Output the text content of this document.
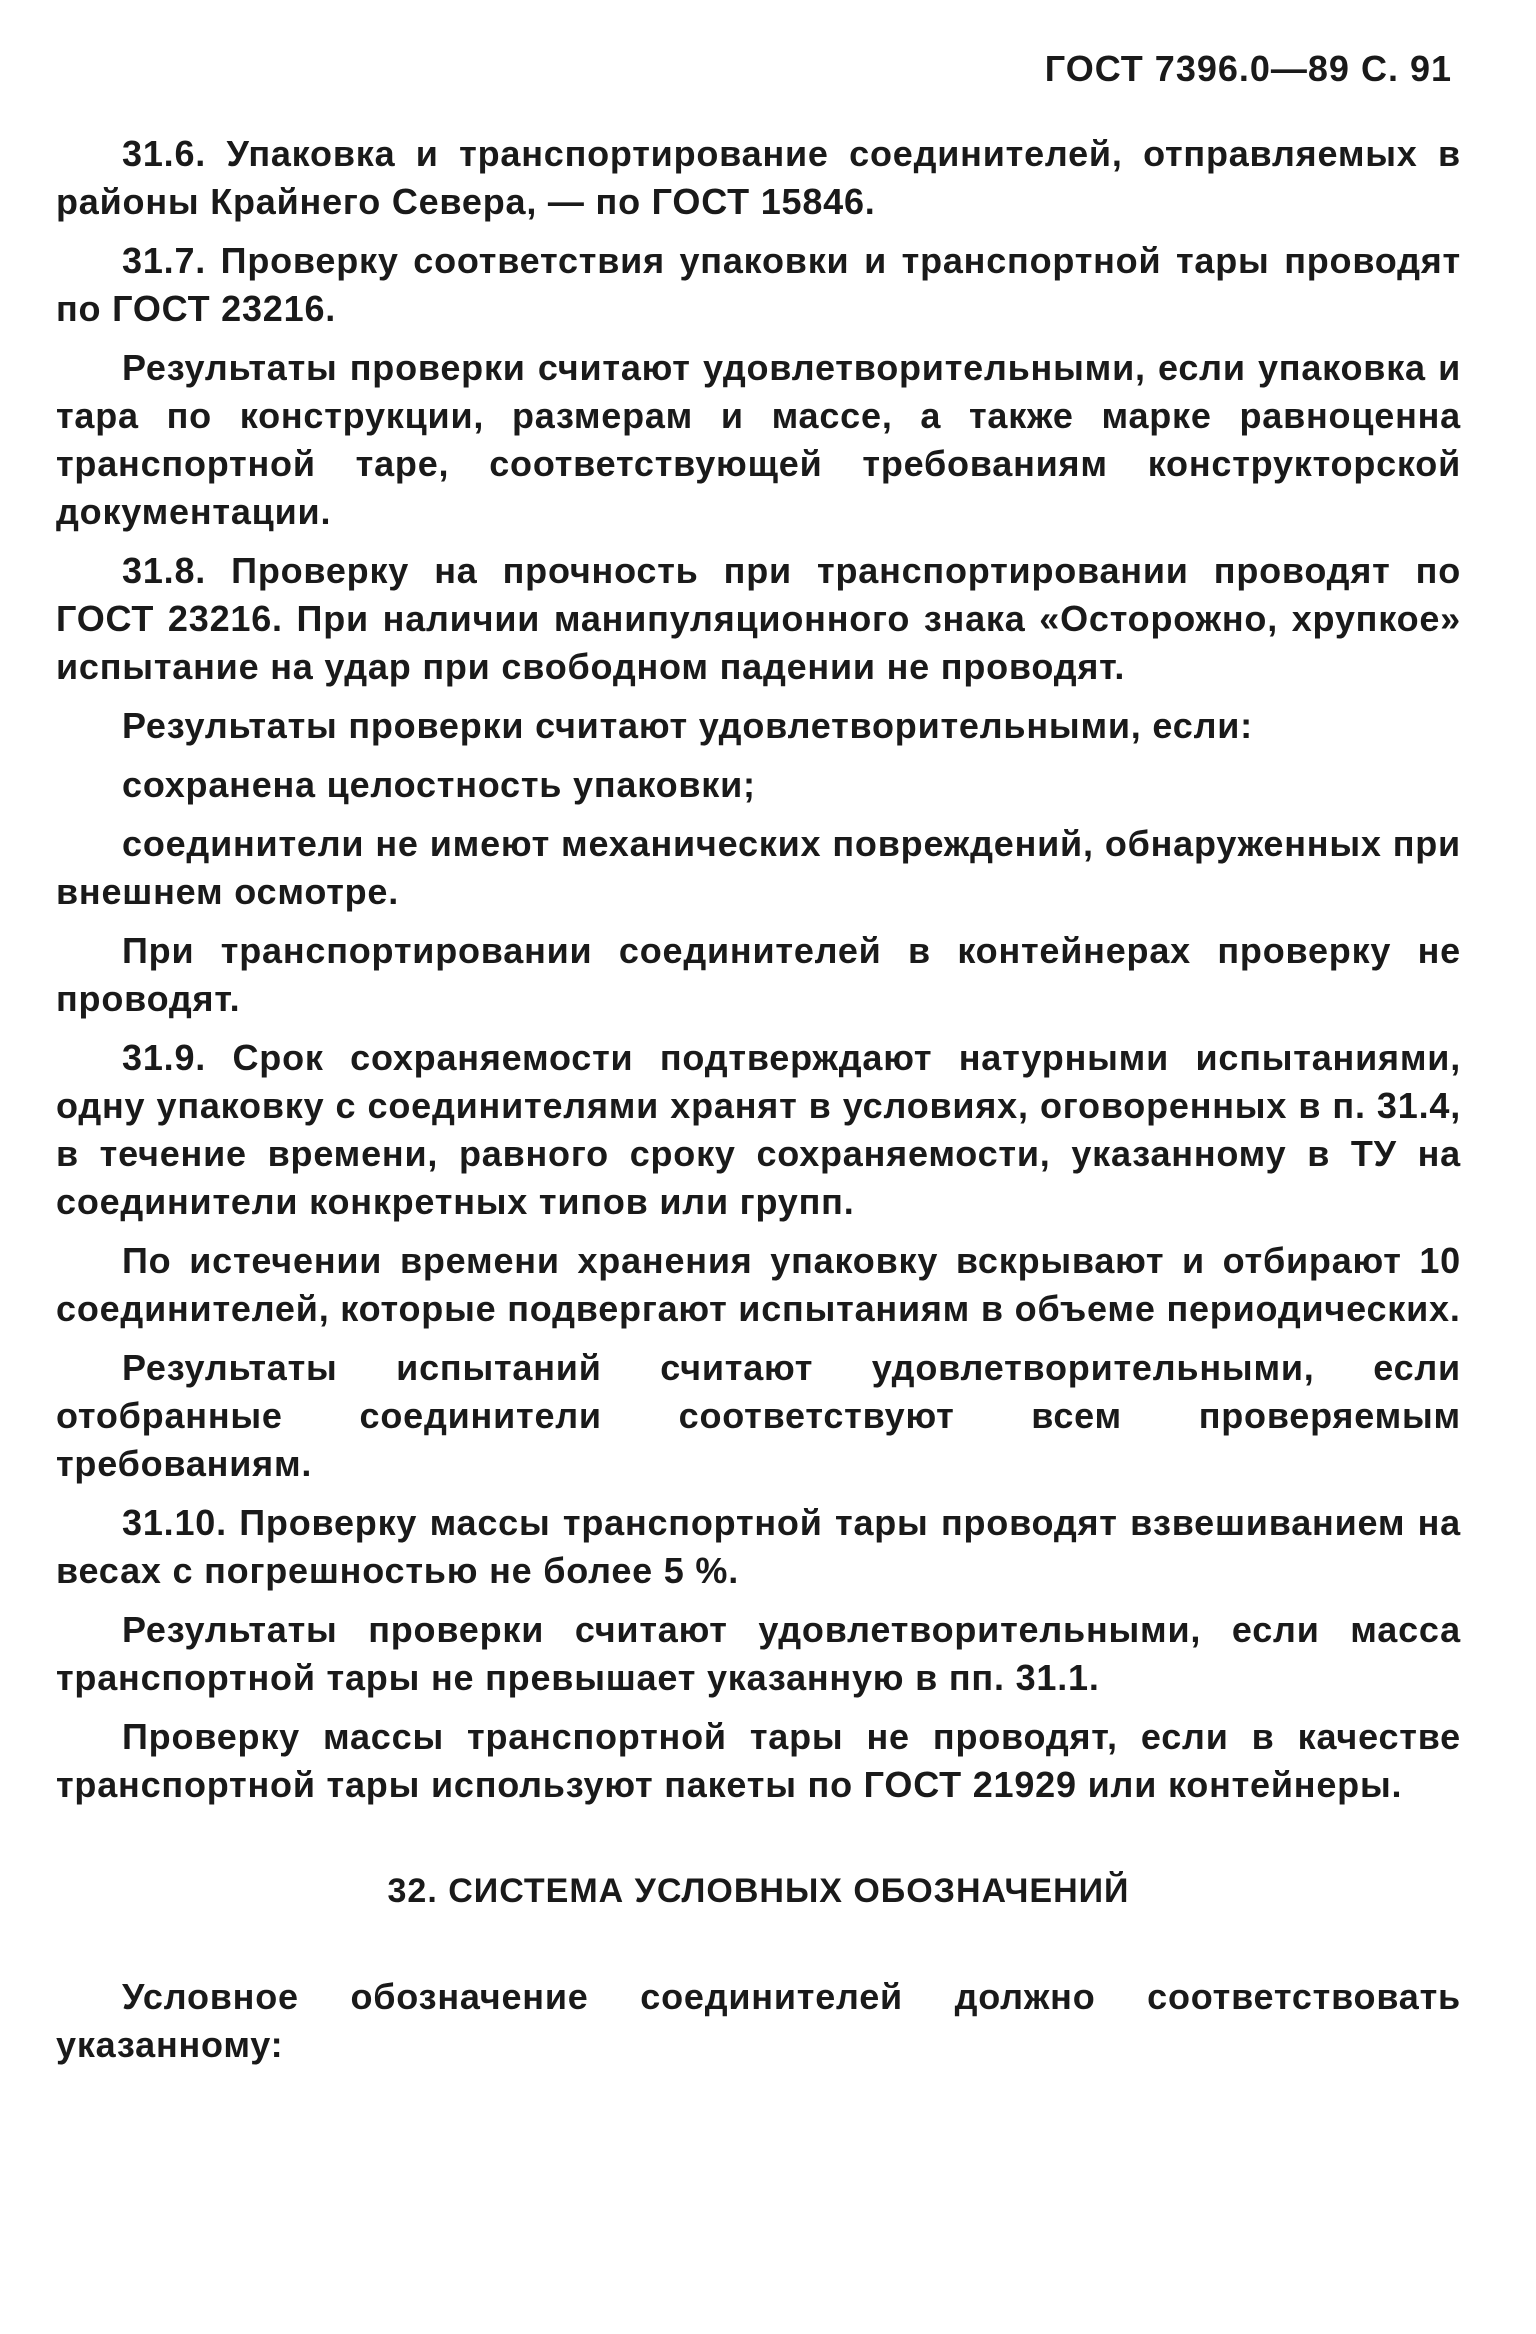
ГОСТ 7396.0—89 С. 91

31.6. Упаковка и транспортирование соединителей, отправляемых в районы Крайнего Севера, — по ГОСТ 15846.

31.7. Проверку соответствия упаковки и транспортной тары проводят по ГОСТ 23216.

Результаты проверки считают удовлетворительными, если упаковка и тара по конструкции, размерам и массе, а также марке равноценна транспортной таре, соответствующей требованиям конструкторской документации.

31.8. Проверку на прочность при транспортировании проводят по ГОСТ 23216. При наличии манипуляционного знака «Осторожно, хрупкое» испытание на удар при свободном падении не проводят.

Результаты проверки считают удовлетворительными, если:

сохранена целостность упаковки;

соединители не имеют механических повреждений, обнаруженных при внешнем осмотре.

При транспортировании соединителей в контейнерах проверку не проводят.

31.9. Срок сохраняемости подтверждают натурными испытаниями, одну упаковку с соединителями хранят в условиях, оговоренных в п. 31.4, в течение времени, равного сроку сохраняемости, указанному в ТУ на соединители конкретных типов или групп.

По истечении времени хранения упаковку вскрывают и отбирают 10 соединителей, которые подвергают испытаниям в объеме периодических.

Результаты испытаний считают удовлетворительными, если отобранные соединители соответствуют всем проверяемым требованиям.

31.10. Проверку массы транспортной тары проводят взвешиванием на весах с погрешностью не более 5 %.

Результаты проверки считают удовлетворительными, если масса транспортной тары не превышает указанную в пп. 31.1.

Проверку массы транспортной тары не проводят, если в качестве транспортной тары используют пакеты по ГОСТ 21929 или контейнеры.

32. СИСТЕМА УСЛОВНЫХ ОБОЗНАЧЕНИЙ

Условное обозначение соединителей должно соответствовать указанному:
